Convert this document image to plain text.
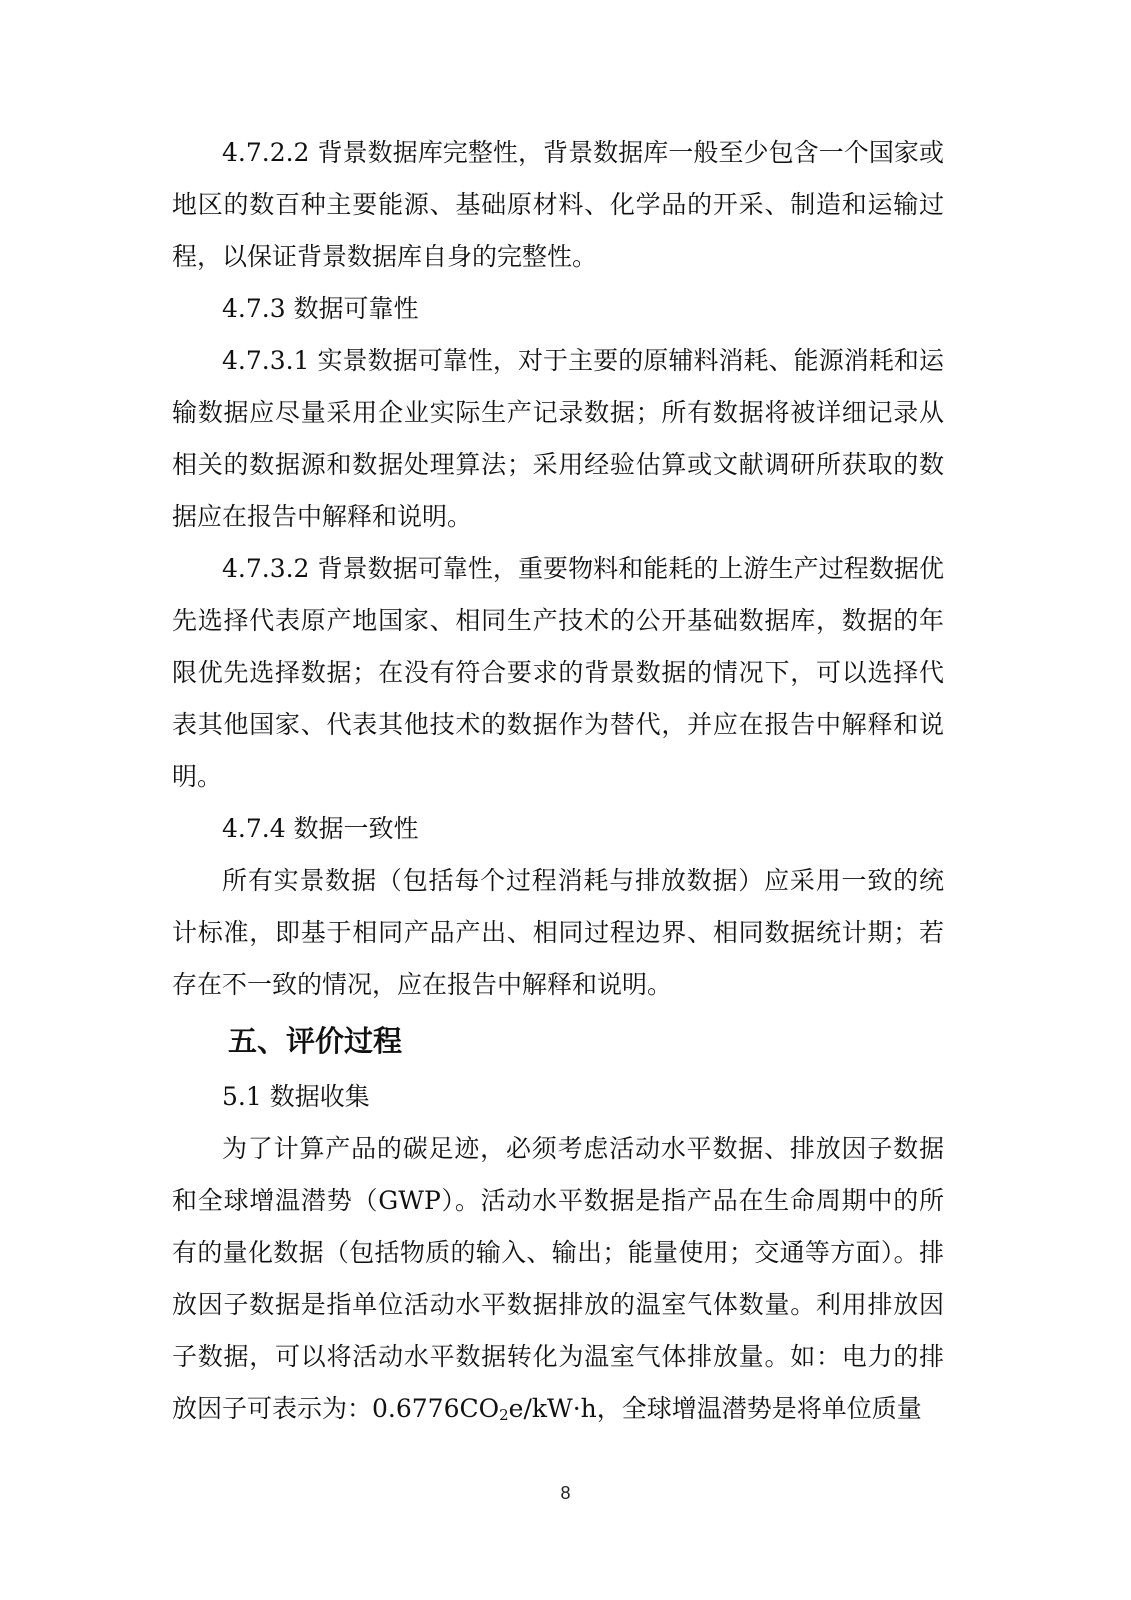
4.7.2.2 背景数据库完整性，背景数据库一般至少包含一个国家或地区的数百种主要能源、基础原材料、化学品的开采、制造和运输过程，以保证背景数据库自身的完整性。

4.7.3 数据可靠性

4.7.3.1 实景数据可靠性，对于主要的原辅料消耗、能源消耗和运输数据应尽量采用企业实际生产记录数据；所有数据将被详细记录从相关的数据源和数据处理算法；采用经验估算或文献调研所获取的数据应在报告中解释和说明。

4.7.3.2 背景数据可靠性，重要物料和能耗的上游生产过程数据优先选择代表原产地国家、相同生产技术的公开基础数据库，数据的年限优先选择数据；在没有符合要求的背景数据的情况下，可以选择代表其他国家、代表其他技术的数据作为替代，并应在报告中解释和说明。

4.7.4 数据一致性

所有实景数据（包括每个过程消耗与排放数据）应采用一致的统计标准，即基于相同产品产出、相同过程边界、相同数据统计期；若存在不一致的情况，应在报告中解释和说明。

五、评价过程

5.1 数据收集

为了计算产品的碳足迹，必须考虑活动水平数据、排放因子数据和全球增温潜势（GWP）。活动水平数据是指产品在生命周期中的所有的量化数据（包括物质的输入、输出；能量使用；交通等方面）。排放因子数据是指单位活动水平数据排放的温室气体数量。利用排放因子数据，可以将活动水平数据转化为温室气体排放量。如：电力的排放因子可表示为：$0.6776CO_2e/kW\cdot h$，全球增温潜势是将单位质量

8
